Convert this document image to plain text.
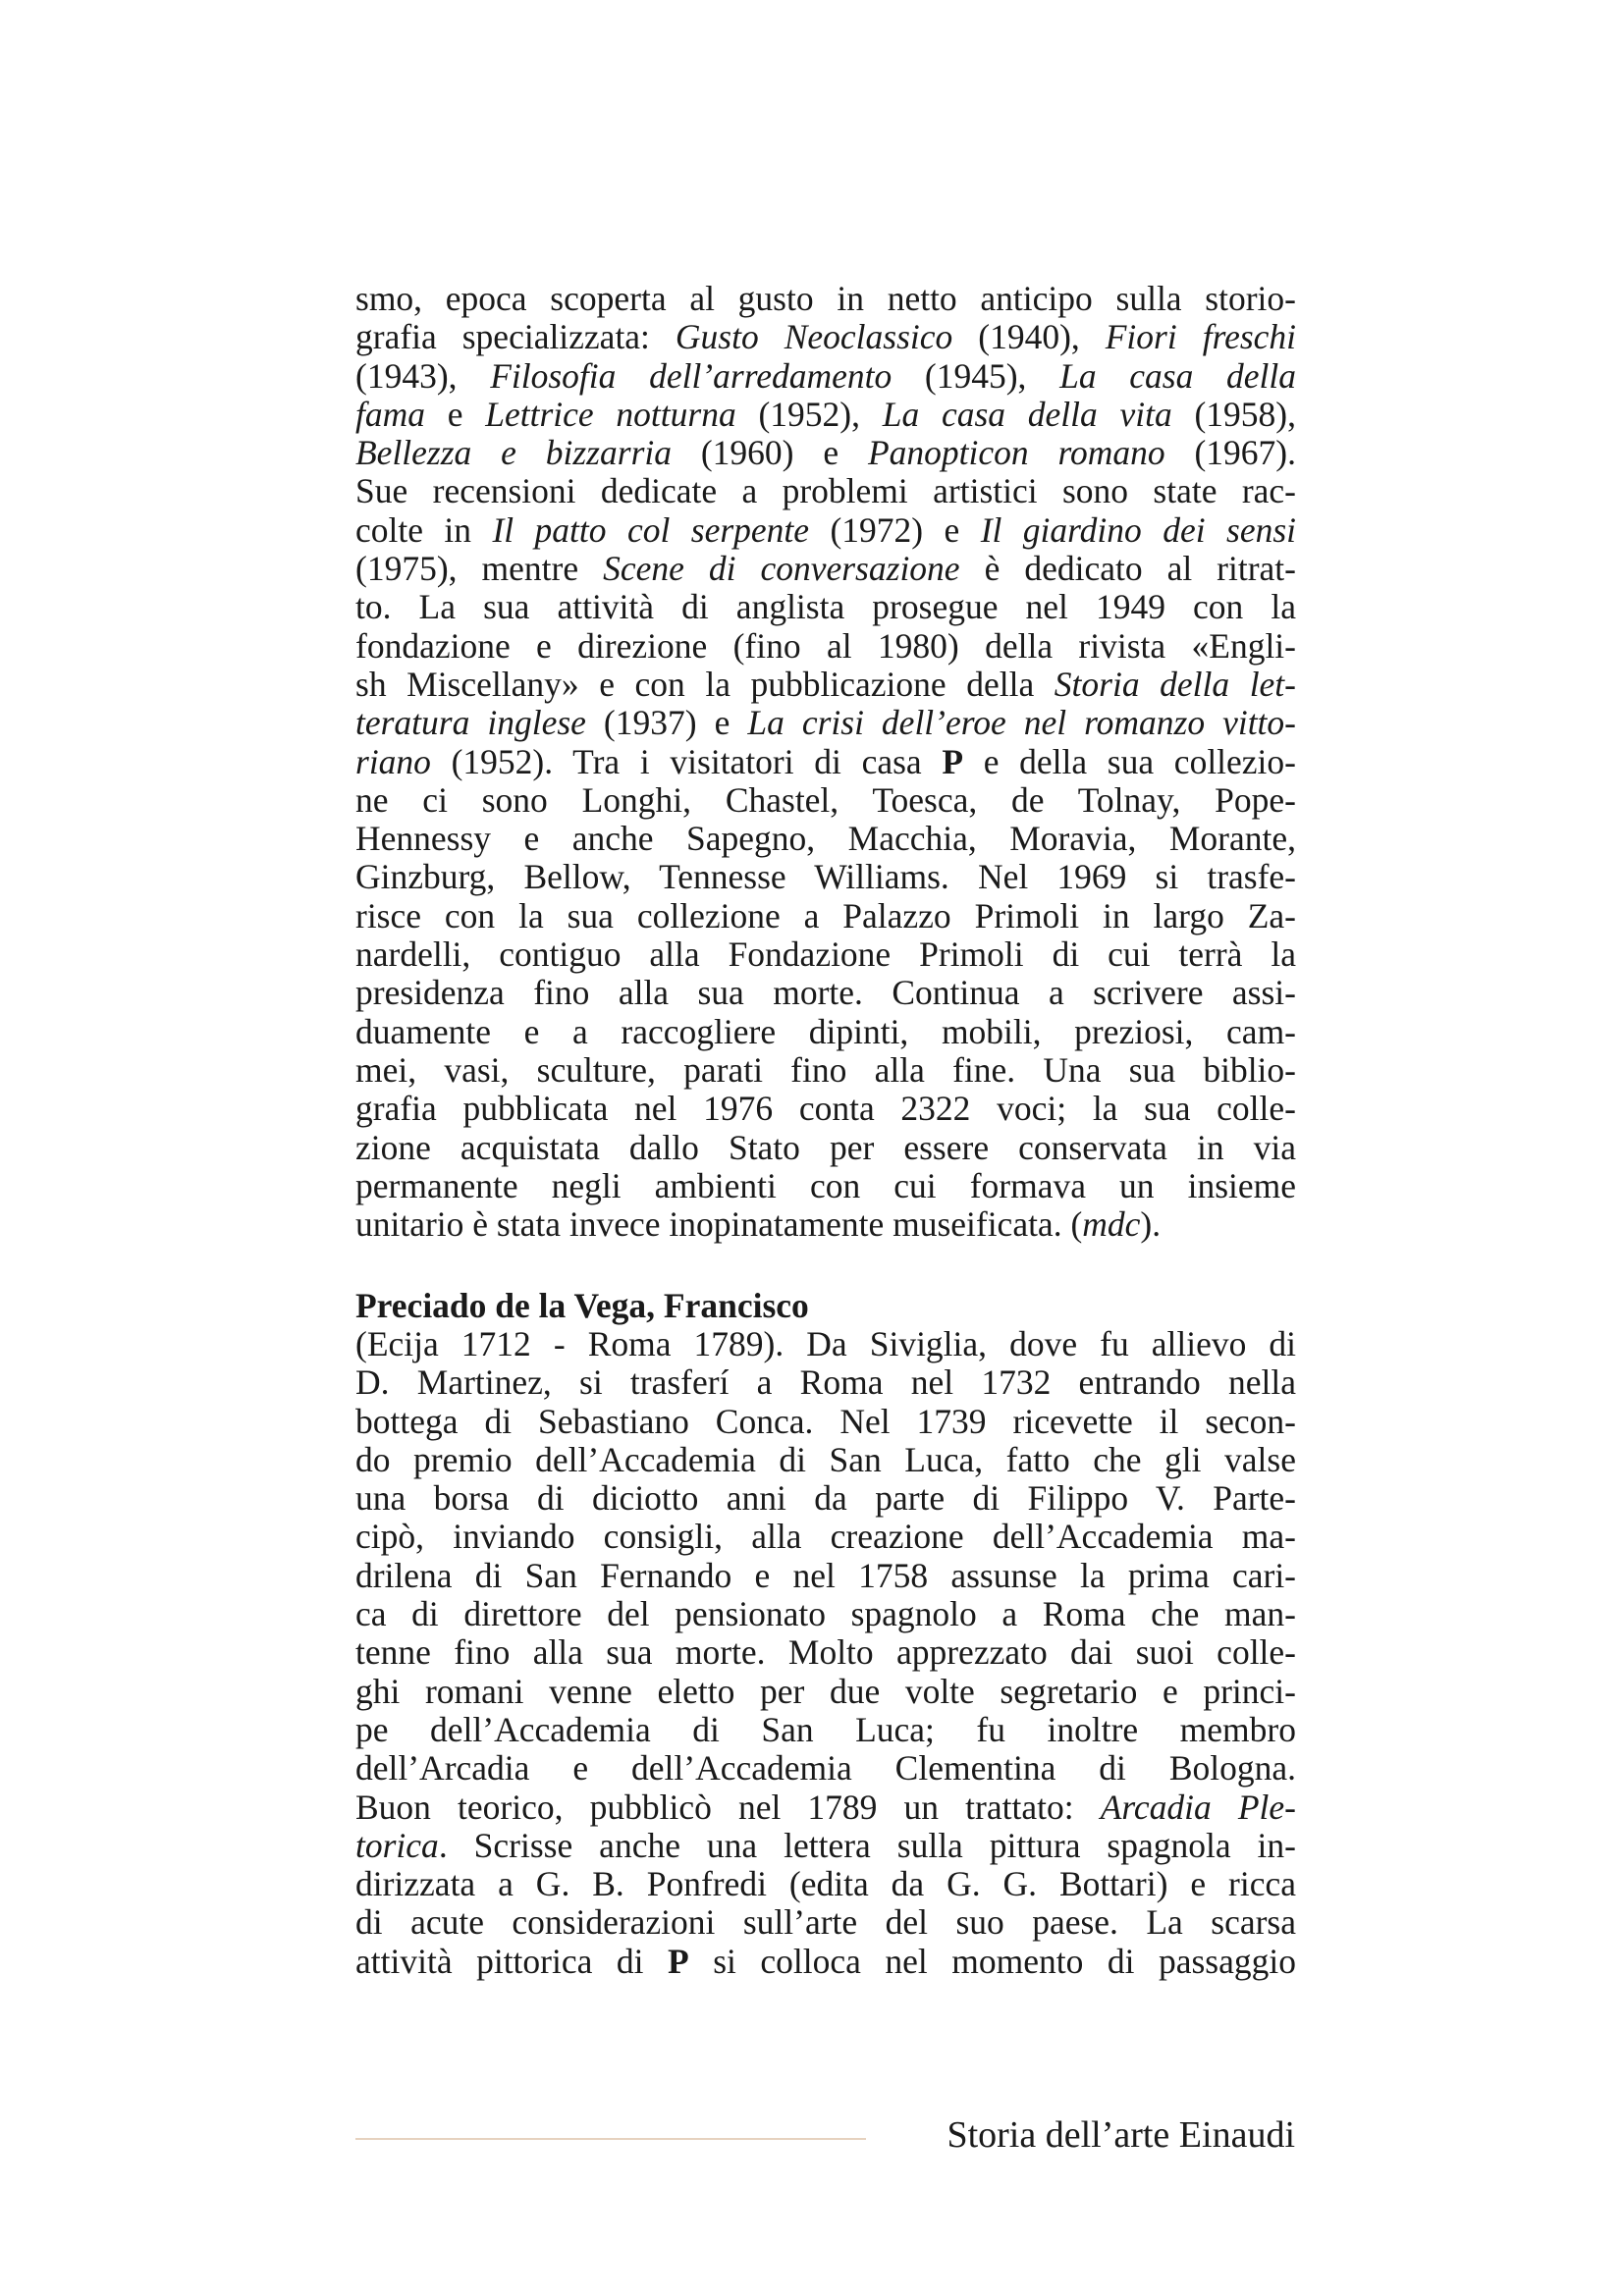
smo, epoca scoperta al gusto in netto anticipo sulla storio-
grafia specializzata: Gusto Neoclassico (1940), Fiori freschi
(1943), Filosofia dell’arredamento (1945), La casa della
fama e Lettrice notturna (1952), La casa della vita (1958),
Bellezza e bizzarria (1960) e Panopticon romano (1967).
Sue recensioni dedicate a problemi artistici sono state rac-
colte in Il patto col serpente (1972) e Il giardino dei sensi
(1975), mentre Scene di conversazione è dedicato al ritrat-
to. La sua attività di anglista prosegue nel 1949 con la
fondazione e direzione (fino al 1980) della rivista «Engli-
sh Miscellany» e con la pubblicazione della Storia della let-
teratura inglese (1937) e La crisi dell’eroe nel romanzo vitto-
riano (1952). Tra i visitatori di casa P e della sua collezio-
ne ci sono Longhi, Chastel, Toesca, de Tolnay, Pope-
Hennessy e anche Sapegno, Macchia, Moravia, Morante,
Ginzburg, Bellow, Tennesse Williams. Nel 1969 si trasfe-
risce con la sua collezione a Palazzo Primoli in largo Za-
nardelli, contiguo alla Fondazione Primoli di cui terrà la
presidenza fino alla sua morte. Continua a scrivere assi-
duamente e a raccogliere dipinti, mobili, preziosi, cam-
mei, vasi, sculture, parati fino alla fine. Una sua biblio-
grafia pubblicata nel 1976 conta 2322 voci; la sua colle-
zione acquistata dallo Stato per essere conservata in via
permanente negli ambienti con cui formava un insieme
unitario è stata invece inopinatamente museificata. (mdc).
Preciado de la Vega, Francisco
(Ecija 1712 - Roma 1789). Da Siviglia, dove fu allievo di
D. Martinez, si trasferí a Roma nel 1732 entrando nella
bottega di Sebastiano Conca. Nel 1739 ricevette il secon-
do premio dell’Accademia di San Luca, fatto che gli valse
una borsa di diciotto anni da parte di Filippo V. Parte-
cipò, inviando consigli, alla creazione dell’Accademia ma-
drilena di San Fernando e nel 1758 assunse la prima cari-
ca di direttore del pensionato spagnolo a Roma che man-
tenne fino alla sua morte. Molto apprezzato dai suoi colle-
ghi romani venne eletto per due volte segretario e princi-
pe dell’Accademia di San Luca; fu inoltre membro
dell’Arcadia e dell’Accademia Clementina di Bologna.
Buon teorico, pubblicò nel 1789 un trattato: Arcadia Ple-
torica. Scrisse anche una lettera sulla pittura spagnola in-
dirizzata a G. B. Ponfredi (edita da G. G. Bottari) e ricca
di acute considerazioni sull’arte del suo paese. La scarsa
attività pittorica di P si colloca nel momento di passaggio
Storia dell’arte Einaudi
